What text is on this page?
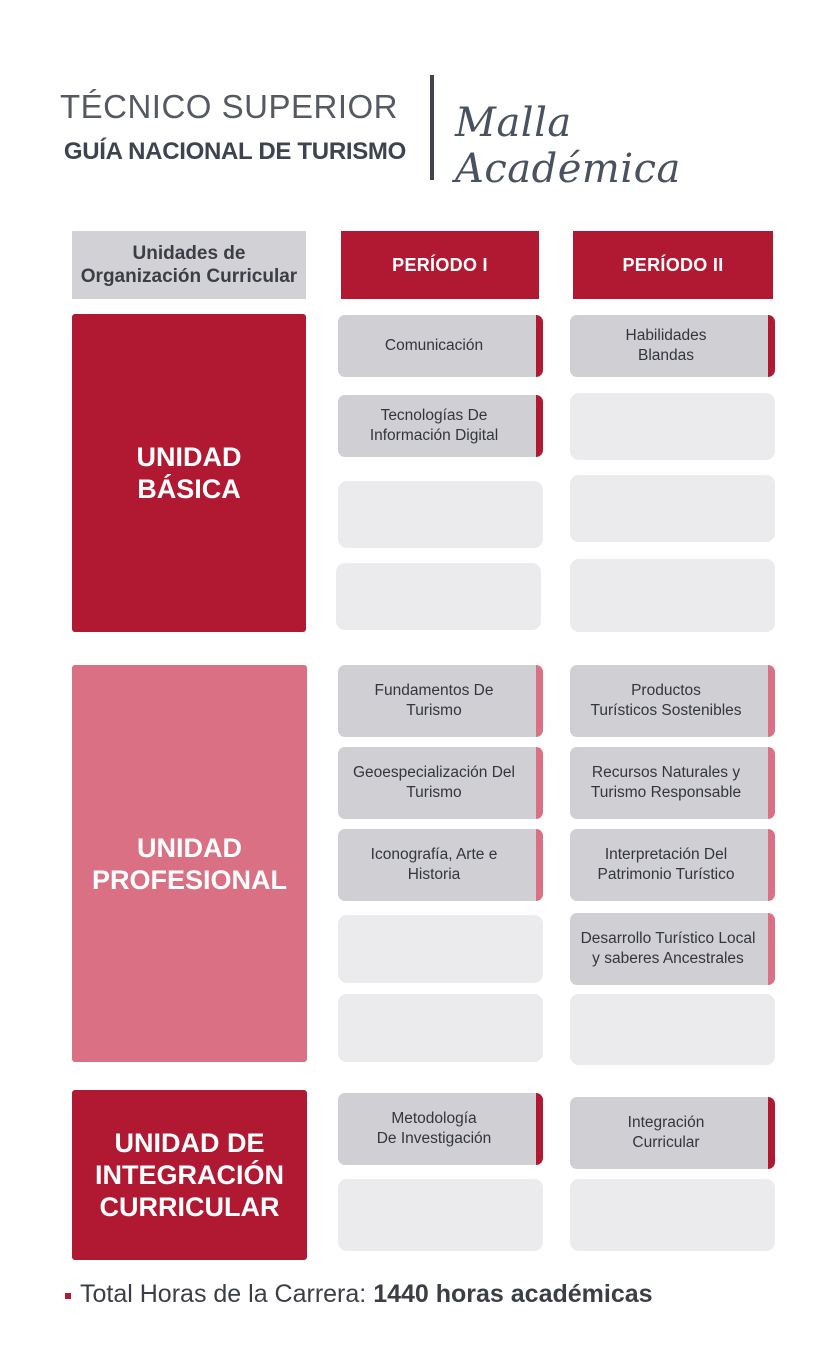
TÉCNICO SUPERIOR
GUÍA NACIONAL DE TURISMO
Malla Académica
Unidades de
Organización Curricular
PERÍODO I	PERÍODO II
UNIDAD
BÁSICA
Comunicación
Tecnologías De
Información Digital
Habilidades
Blandas
UNIDAD
PROFESIONAL
Fundamentos De
Turismo
Geoespecialización Del
Turismo
Iconografía, Arte e
Historia
Productos
Turísticos Sostenibles
Recursos Naturales y
Turismo Responsable
Interpretación Del
Patrimonio Turístico
Desarrollo Turístico Local
y saberes Ancestrales
UNIDAD DE
INTEGRACIÓN
CURRICULAR
Metodología
De Investigación
Integración
Curricular
Total Horas de la Carrera: 1440 horas académicas
